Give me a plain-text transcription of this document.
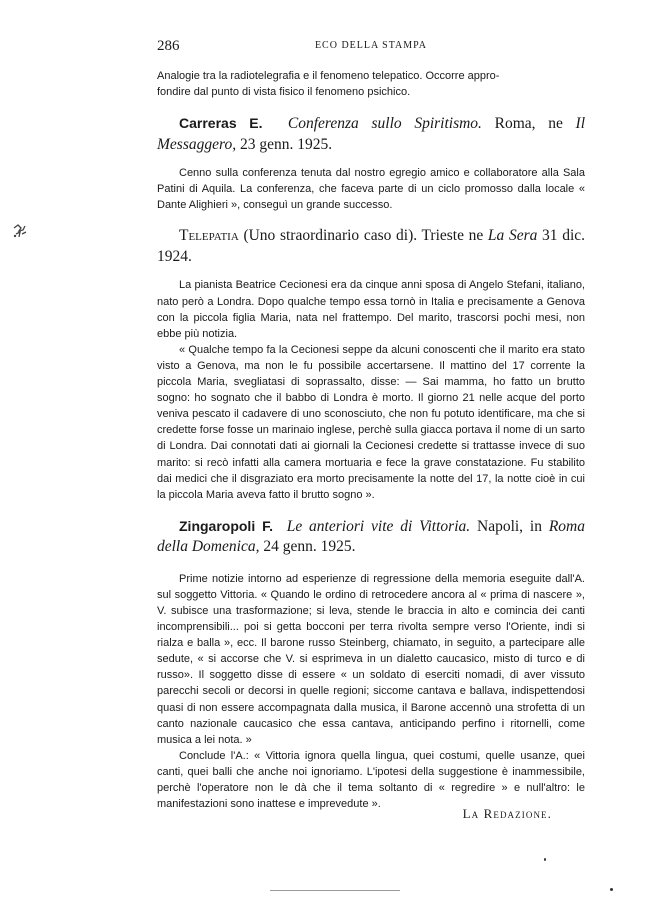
286	ECO DELLA STAMPA

Analogie tra la radiotelegrafia e il fenomeno telepatico. Occorre appro-

fondire dal punto di vista fisico il fenomeno psichico.

Carreras E. Conferenza sullo Spiritismo. Roma, ne Il Messaggero, 23 genn. 1925.

Cenno sulla conferenza tenuta dal nostro egregio amico e collaboratore alla Sala Patini di Aquila. La conferenza, che faceva parte di un ciclo promosso dalla locale « Dante Alighieri », conseguì un grande successo.

Telepatia (Uno straordinario caso di). Trieste ne La Sera 31 dic. 1924.

La pianista Beatrice Cecionesi era da cinque anni sposa di Angelo Stefani, italiano, nato però a Londra. Dopo qualche tempo essa tornò in Italia e precisamente a Genova con la piccola figlia Maria, nata nel frattempo. Del marito, trascorsi pochi mesi, non ebbe più notizia.

« Qualche tempo fa la Cecionesi seppe da alcuni conoscenti che il marito era stato visto a Genova, ma non le fu possibile accertarsene. Il mattino del 17 corrente la piccola Maria, svegliatasi di soprassalto, disse: — Sai mamma, ho fatto un brutto sogno: ho sognato che il babbo di Londra è morto. Il giorno 21 nelle acque del porto veniva pescato il cadavere di uno sconosciuto, che non fu potuto identificare, ma che si credette forse fosse un marinaio inglese, perchè sulla giacca portava il nome di un sarto di Londra. Dai connotati dati ai giornali la Cecionesi credette si trattasse invece di suo marito: si recò infatti alla camera mortuaria e fece la grave constatazione. Fu stabilito dai medici che il disgraziato era morto precisamente la notte del 17, la notte cioè in cui la piccola Maria aveva fatto il brutto sogno ».

Zingaropoli F. Le anteriori vite di Vittoria. Napoli, in Roma della Domenica, 24 genn. 1925.

Prime notizie intorno ad esperienze di regressione della memoria eseguite dall'A. sul soggetto Vittoria. « Quando le ordino di retrocedere ancora al « prima di nascere », V. subisce una trasformazione; si leva, stende le braccia in alto e comincia dei canti incomprensibili... poi si getta bocconi per terra rivolta sempre verso l'Oriente, indi si rialza e balla », ecc. Il barone russo Steinberg, chiamato, in seguito, a partecipare alle sedute, « si accorse che V. si esprimeva in un dialetto caucasico, misto di turco e di russo». Il soggetto disse di essere « un soldato di eserciti nomadi, di aver vissuto parecchi secoli or decorsi in quelle regioni; siccome cantava e ballava, indispettendosi quasi di non essere accompagnata dalla musica, il Barone accennò una strofetta di un canto nazionale caucasico che essa cantava, anticipando perfino i ritornelli, come musica a lei nota. »

Conclude l'A.: « Vittoria ignora quella lingua, quei costumi, quelle usanze, quei canti, quei balli che anche noi ignoriamo. L'ipotesi della suggestione è inammessibile, perchè l'operatore non le dà che il tema soltanto di « regredire » e null'altro: le manifestazioni sono inattese e imprevedute ».

La Redazione.
